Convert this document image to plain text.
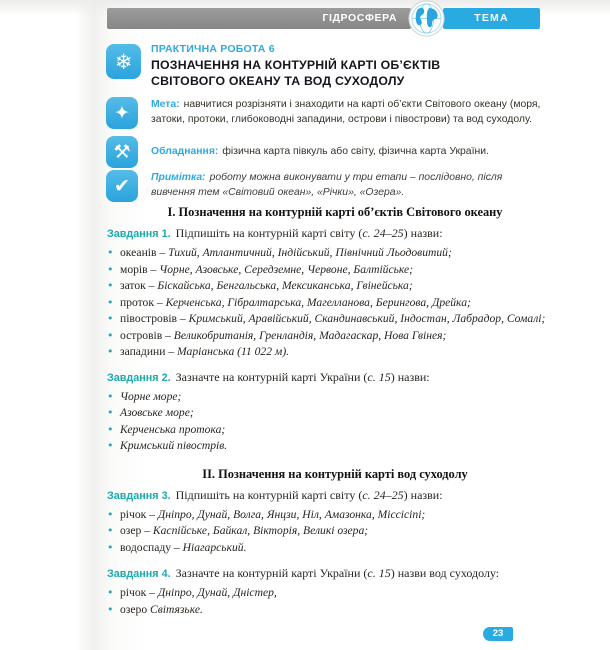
ГІДРОСФЕРА	ТЕМА
❄
ПРАКТИЧНА РОБОТА 6
ПОЗНАЧЕННЯ НА КОНТУРНІЙ КАРТІ ОБ’ЄКТІВ
СВІТОВОГО ОКЕАНУ ТА ВОД СУХОДОЛУ
✦ Мета: навчитися розрізняти і знаходити на карті об’єкти Світового океану (моря, затоки, протоки, глибоководні западини, острови і півострови) та вод суходолу.
⚒ Обладнання: фізична карта півкуль або світу, фізична карта України.
✔ Примітка: роботу можна виконувати у три етапи – послідовно, після вивчення тем «Світовий океан», «Річки», «Озера».
І. Позначення на контурній карті об’єктів Світового океану
Завдання 1. Підпишіть на контурній карті світу (с. 24–25) назви:
• океанів – Тихий, Атлантичний, Індійський, Північний Льодовитий;
• морів – Чорне, Азовське, Середземне, Червоне, Балтійське;
• заток – Біскайська, Бенгальська, Мексиканська, Гвінейська;
• проток – Керченська, Гібралтарська, Магелланова, Берингова, Дрейка;
• півостровів – Кримський, Аравійський, Скандинавський, Індостан, Лабрадор, Сомалі;
• островів – Великобританія, Гренландія, Мадагаскар, Нова Гвінея;
• западини – Маріанська (11 022 м).
Завдання 2. Зазначте на контурній карті України (с. 15) назви:
• Чорне море;
• Азовське море;
• Керченська протока;
• Кримський півострів.
ІІ. Позначення на контурній карті вод суходолу
Завдання 3. Підпишіть на контурній карті світу (с. 24–25) назви:
• річок – Дніпро, Дунай, Волга, Янцзи, Ніл, Амазонка, Міссісіпі;
• озер – Каспійське, Байкал, Вікторія, Великі озера;
• водоспаду – Ніагарський.
Завдання 4. Зазначте на контурній карті України (с. 15) назви вод суходолу:
• річок – Дніпро, Дунай, Дністер,
• озеро Світязьке.
23
